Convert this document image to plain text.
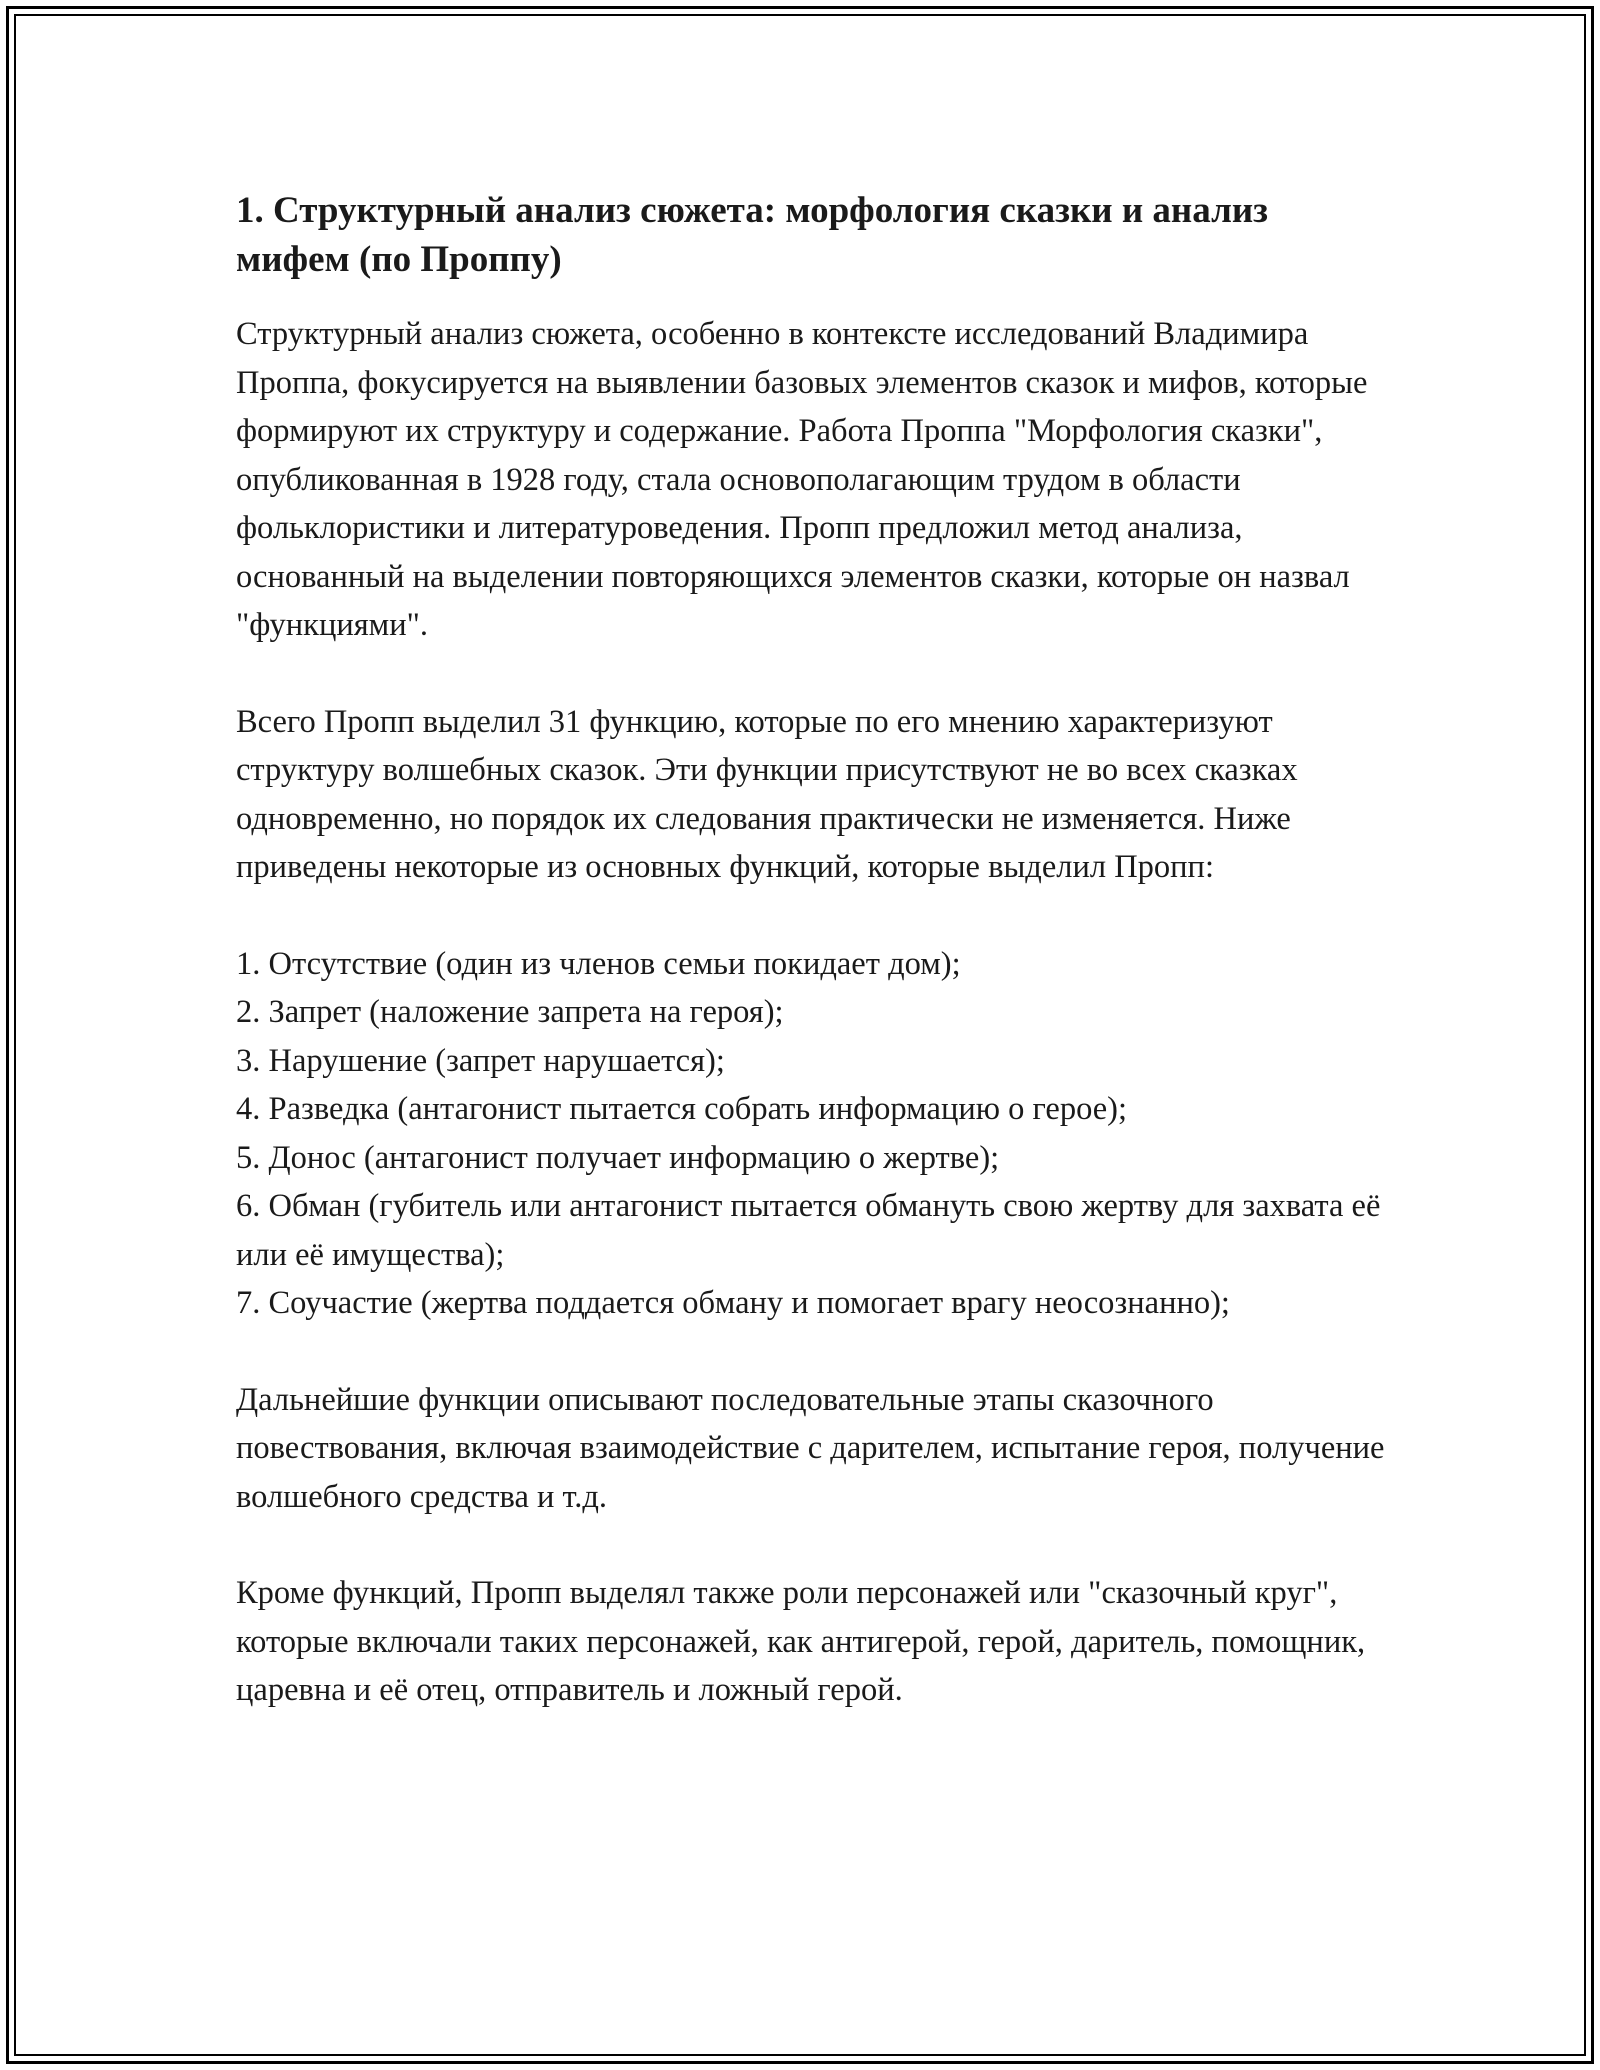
1. Структурный анализ сюжета: морфология сказки и анализ мифем (по Проппу)

Структурный анализ сюжета, особенно в контексте исследований Владимира Проппа, фокусируется на выявлении базовых элементов сказок и мифов, которые формируют их структуру и содержание. Работа Проппа "Морфология сказки", опубликованная в 1928 году, стала основополагающим трудом в области фольклористики и литературоведения. Пропп предложил метод анализа, основанный на выделении повторяющихся элементов сказки, которые он назвал "функциями".

Всего Пропп выделил 31 функцию, которые по его мнению характеризуют структуру волшебных сказок. Эти функции присутствуют не во всех сказках одновременно, но порядок их следования практически не изменяется. Ниже приведены некоторые из основных функций, которые выделил Пропп:

1. Отсутствие (один из членов семьи покидает дом);
2. Запрет (наложение запрета на героя);
3. Нарушение (запрет нарушается);
4. Разведка (антагонист пытается собрать информацию о герое);
5. Донос (антагонист получает информацию о жертве);
6. Обман (губитель или антагонист пытается обмануть свою жертву для захвата её или её имущества);
7. Соучастие (жертва поддается обману и помогает врагу неосознанно);

Дальнейшие функции описывают последовательные этапы сказочного повествования, включая взаимодействие с дарителем, испытание героя, получение волшебного средства и т.д.

Кроме функций, Пропп выделял также роли персонажей или "сказочный круг", которые включали таких персонажей, как антигерой, герой, даритель, помощник, царевна и её отец, отправитель и ложный герой.
